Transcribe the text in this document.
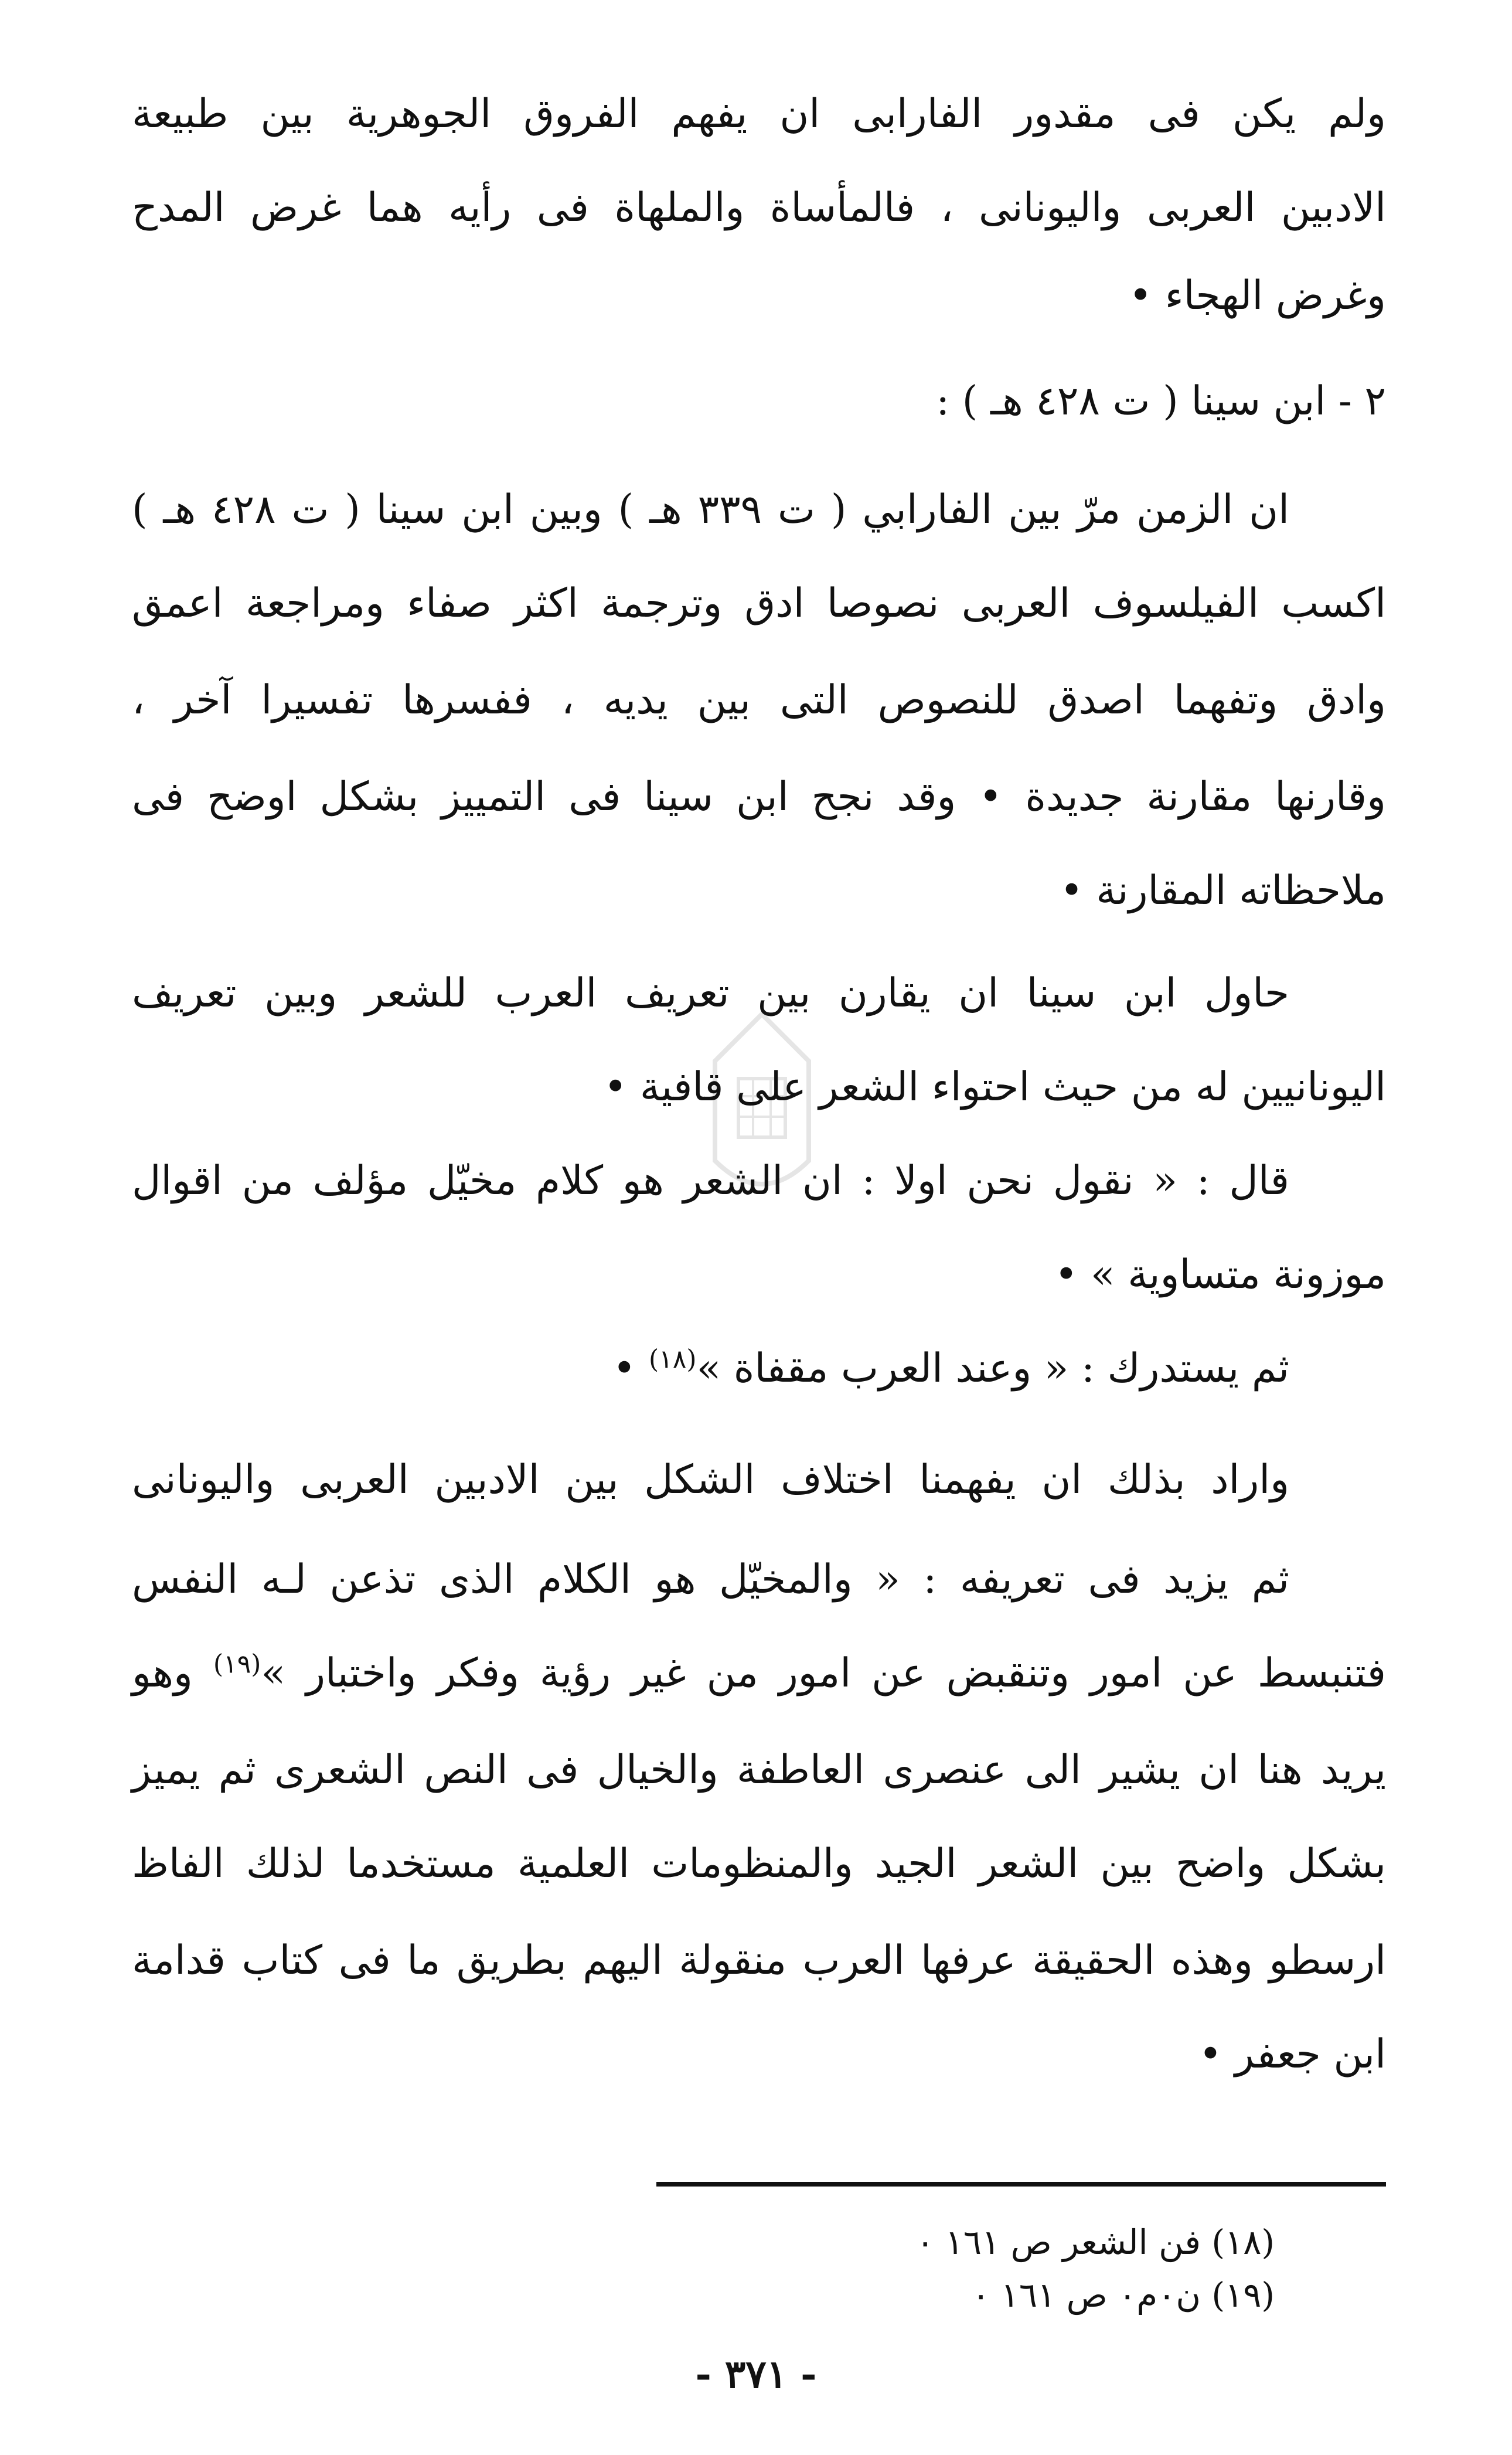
ولم يكن فى مقدور الفارابى ان يفهم الفروق الجوهرية بين طبيعة
الادبين العربى واليونانى ، فالمأساة والملهاة فى رأيه هما غرض المدح
وغرض الهجاء •
٢ - ابن سينا ( ت ٤٢٨ هـ ) :
ان الزمن مرّ بين الفارابي ( ت ٣٣٩ هـ ) وبين ابن سينا ( ت ٤٢٨ هـ )
اكسب الفيلسوف العربى نصوصا ادق وترجمة اكثر صفاء ومراجعة اعمق
وادق وتفهما اصدق للنصوص التى بين يديه ، ففسرها تفسيرا آخر ،
وقارنها مقارنة جديدة • وقد نجح ابن سينا فى التمييز بشكل اوضح فى
ملاحظاته المقارنة •
حاول ابن سينا ان يقارن بين تعريف العرب للشعر وبين تعريف
اليونانيين له من حيث احتواء الشعر على قافية •
قال : « نقول نحن اولا : ان الشعر هو كلام مخيّل مؤلف من اقوال
موزونة متساوية » •
ثم يستدرك : « وعند العرب مقفاة »$^{(١٨)}$ •
واراد بذلك ان يفهمنا اختلاف الشكل بين الادبين العربى واليونانى
ثم يزيد فى تعريفه : « والمخيّل هو الكلام الذى تذعن لـه النفس
فتنبسط عن امور وتنقبض عن امور من غير رؤية وفكر واختبار »$^{(١٩)}$ وهو
يريد هنا ان يشير الى عنصرى العاطفة والخيال فى النص الشعرى ثم يميز
بشكل واضح بين الشعر الجيد والمنظومات العلمية مستخدما لذلك الفاظ
ارسطو وهذه الحقيقة عرفها العرب منقولة اليهم بطريق ما فى كتاب قدامة
ابن جعفر •
(١٨) فن الشعر ص ١٦١ ٠
(١٩) ن٠م٠ ص ١٦١ ٠
- ٣٧١ -
